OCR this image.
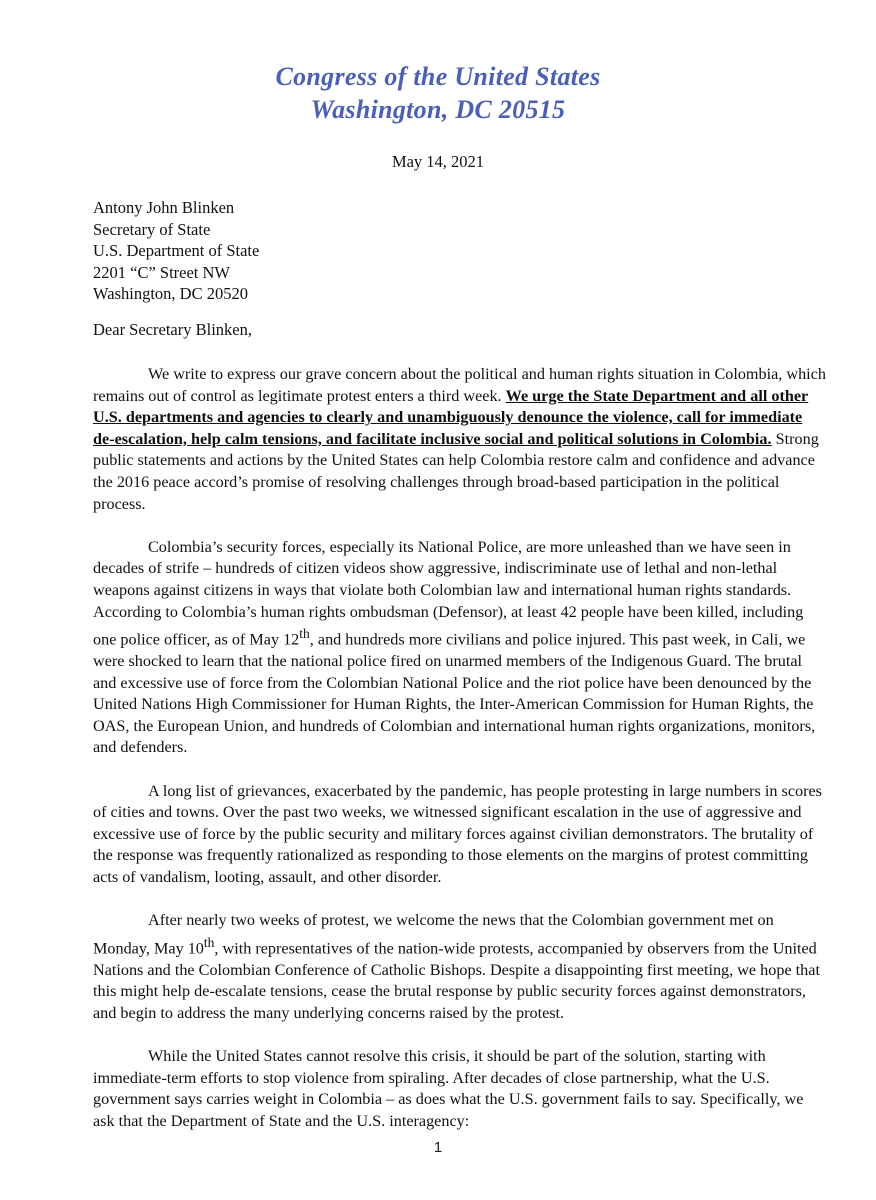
Congress of the United States
Washington, DC 20515
May 14, 2021
Antony John Blinken
Secretary of State
U.S. Department of State
2201 “C” Street NW
Washington, DC 20520
Dear Secretary Blinken,

We write to express our grave concern about the political and human rights situation in Colombia, which remains out of control as legitimate protest enters a third week. We urge the State Department and all other U.S. departments and agencies to clearly and unambiguously denounce the violence, call for immediate de-escalation, help calm tensions, and facilitate inclusive social and political solutions in Colombia. Strong public statements and actions by the United States can help Colombia restore calm and confidence and advance the 2016 peace accord’s promise of resolving challenges through broad-based participation in the political process.

Colombia’s security forces, especially its National Police, are more unleashed than we have seen in decades of strife – hundreds of citizen videos show aggressive, indiscriminate use of lethal and non-lethal weapons against citizens in ways that violate both Colombian law and international human rights standards. According to Colombia’s human rights ombudsman (Defensor), at least 42 people have been killed, including one police officer, as of May 12th, and hundreds more civilians and police injured. This past week, in Cali, we were shocked to learn that the national police fired on unarmed members of the Indigenous Guard. The brutal and excessive use of force from the Colombian National Police and the riot police have been denounced by the United Nations High Commissioner for Human Rights, the Inter-American Commission for Human Rights, the OAS, the European Union, and hundreds of Colombian and international human rights organizations, monitors, and defenders.

A long list of grievances, exacerbated by the pandemic, has people protesting in large numbers in scores of cities and towns. Over the past two weeks, we witnessed significant escalation in the use of aggressive and excessive use of force by the public security and military forces against civilian demonstrators. The brutality of the response was frequently rationalized as responding to those elements on the margins of protest committing acts of vandalism, looting, assault, and other disorder.

After nearly two weeks of protest, we welcome the news that the Colombian government met on Monday, May 10th, with representatives of the nation-wide protests, accompanied by observers from the United Nations and the Colombian Conference of Catholic Bishops. Despite a disappointing first meeting, we hope that this might help de-escalate tensions, cease the brutal response by public security forces against demonstrators, and begin to address the many underlying concerns raised by the protest.

While the United States cannot resolve this crisis, it should be part of the solution, starting with immediate-term efforts to stop violence from spiraling. After decades of close partnership, what the U.S. government says carries weight in Colombia – as does what the U.S. government fails to say. Specifically, we ask that the Department of State and the U.S. interagency:

1
